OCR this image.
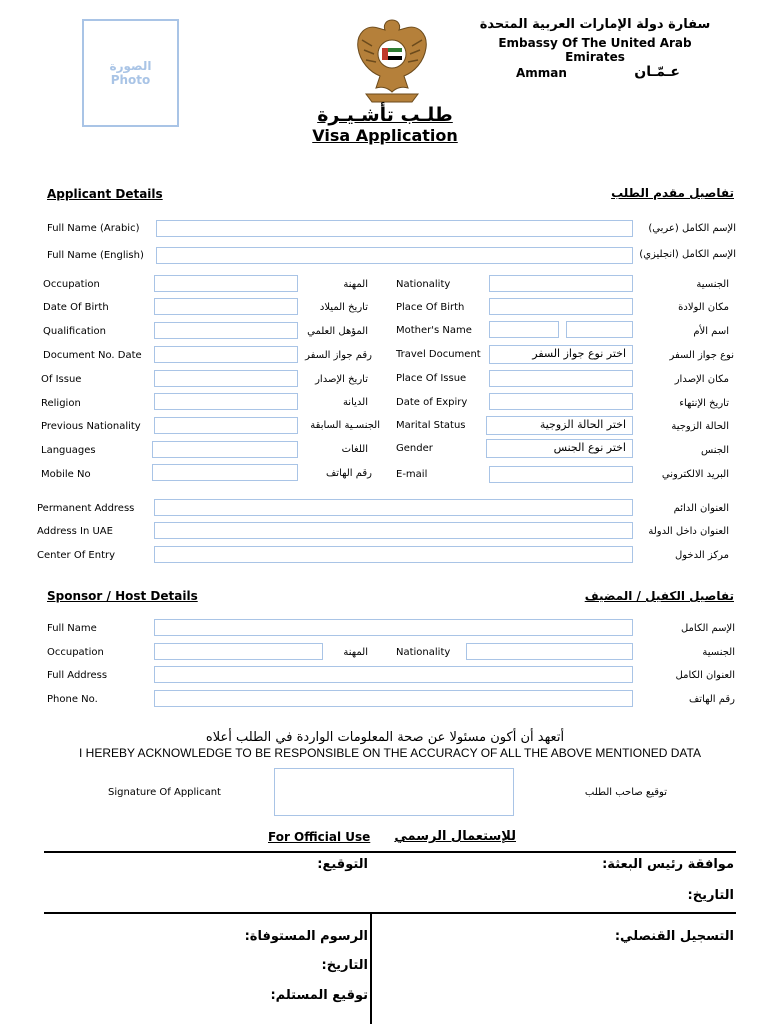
الصورة
Photo
سفارة دولة الإمارات العربية المتحدة
Embassy Of The United Arab Emirates
Amman	عـمّـان
طلـب تأشـيـرة
Visa Application
Applicant Details	تفاصيل مقدم الطلب
Full Name (Arabic)	الإسم الكامل (عربي)
Full Name (English)	الإسم الكامل (انجليزي)
Occupation	المهنة	Nationality	الجنسية
Date Of Birth	تاريخ الميلاد	Place Of Birth	مكان الولادة
Qualification	المؤهل العلمي	Mother's Name	اسم الأم
Document No. Date	رقم جواز السفر Travel Document	اختر نوع جواز السفر	نوع جواز السفر
Of Issue	تاريخ الإصدار	Place Of Issue	مكان الإصدار
Religion	الديانة	Date of Expiry	تاريخ الإنتهاء
Previous Nationality	الجنسـية السابقة Marital Status	اختر الحالة الزوجية	الحالة الزوجية
Languages	اللغات	Gender	اختر نوع الجنس	الجنس
Mobile No	رقم الهاتف E-mail	البريد الالكتروني
Permanent Address	العنوان الدائم
Address In UAE	العنوان داخل الدولة
Center Of Entry	مركز الدخول
Sponsor / Host Details	تفاصيل الكفيل / المضيف
Full Name	الإسم الكامل
Occupation	المهنة	Nationality	الجنسية
Full Address	العنوان الكامل
Phone No.	رقم الهاتف
أتعهد أن أكون مسئولا عن صحة المعلومات الواردة في الطلب أعلاه
I HEREBY ACKNOWLEDGE TO BE RESPONSIBLE ON THE ACCURACY OF ALL THE ABOVE MENTIONED DATA
Signature Of Applicant	توقيع صاحب الطلب
For Official Use	للإستعمال الرسمي
التوقيع:	موافقة رئيس البعثة:
التاريخ:
الرسوم المستوفاة:	التسجيل القنصلي:
التاريخ:
توقيع المستلم:
